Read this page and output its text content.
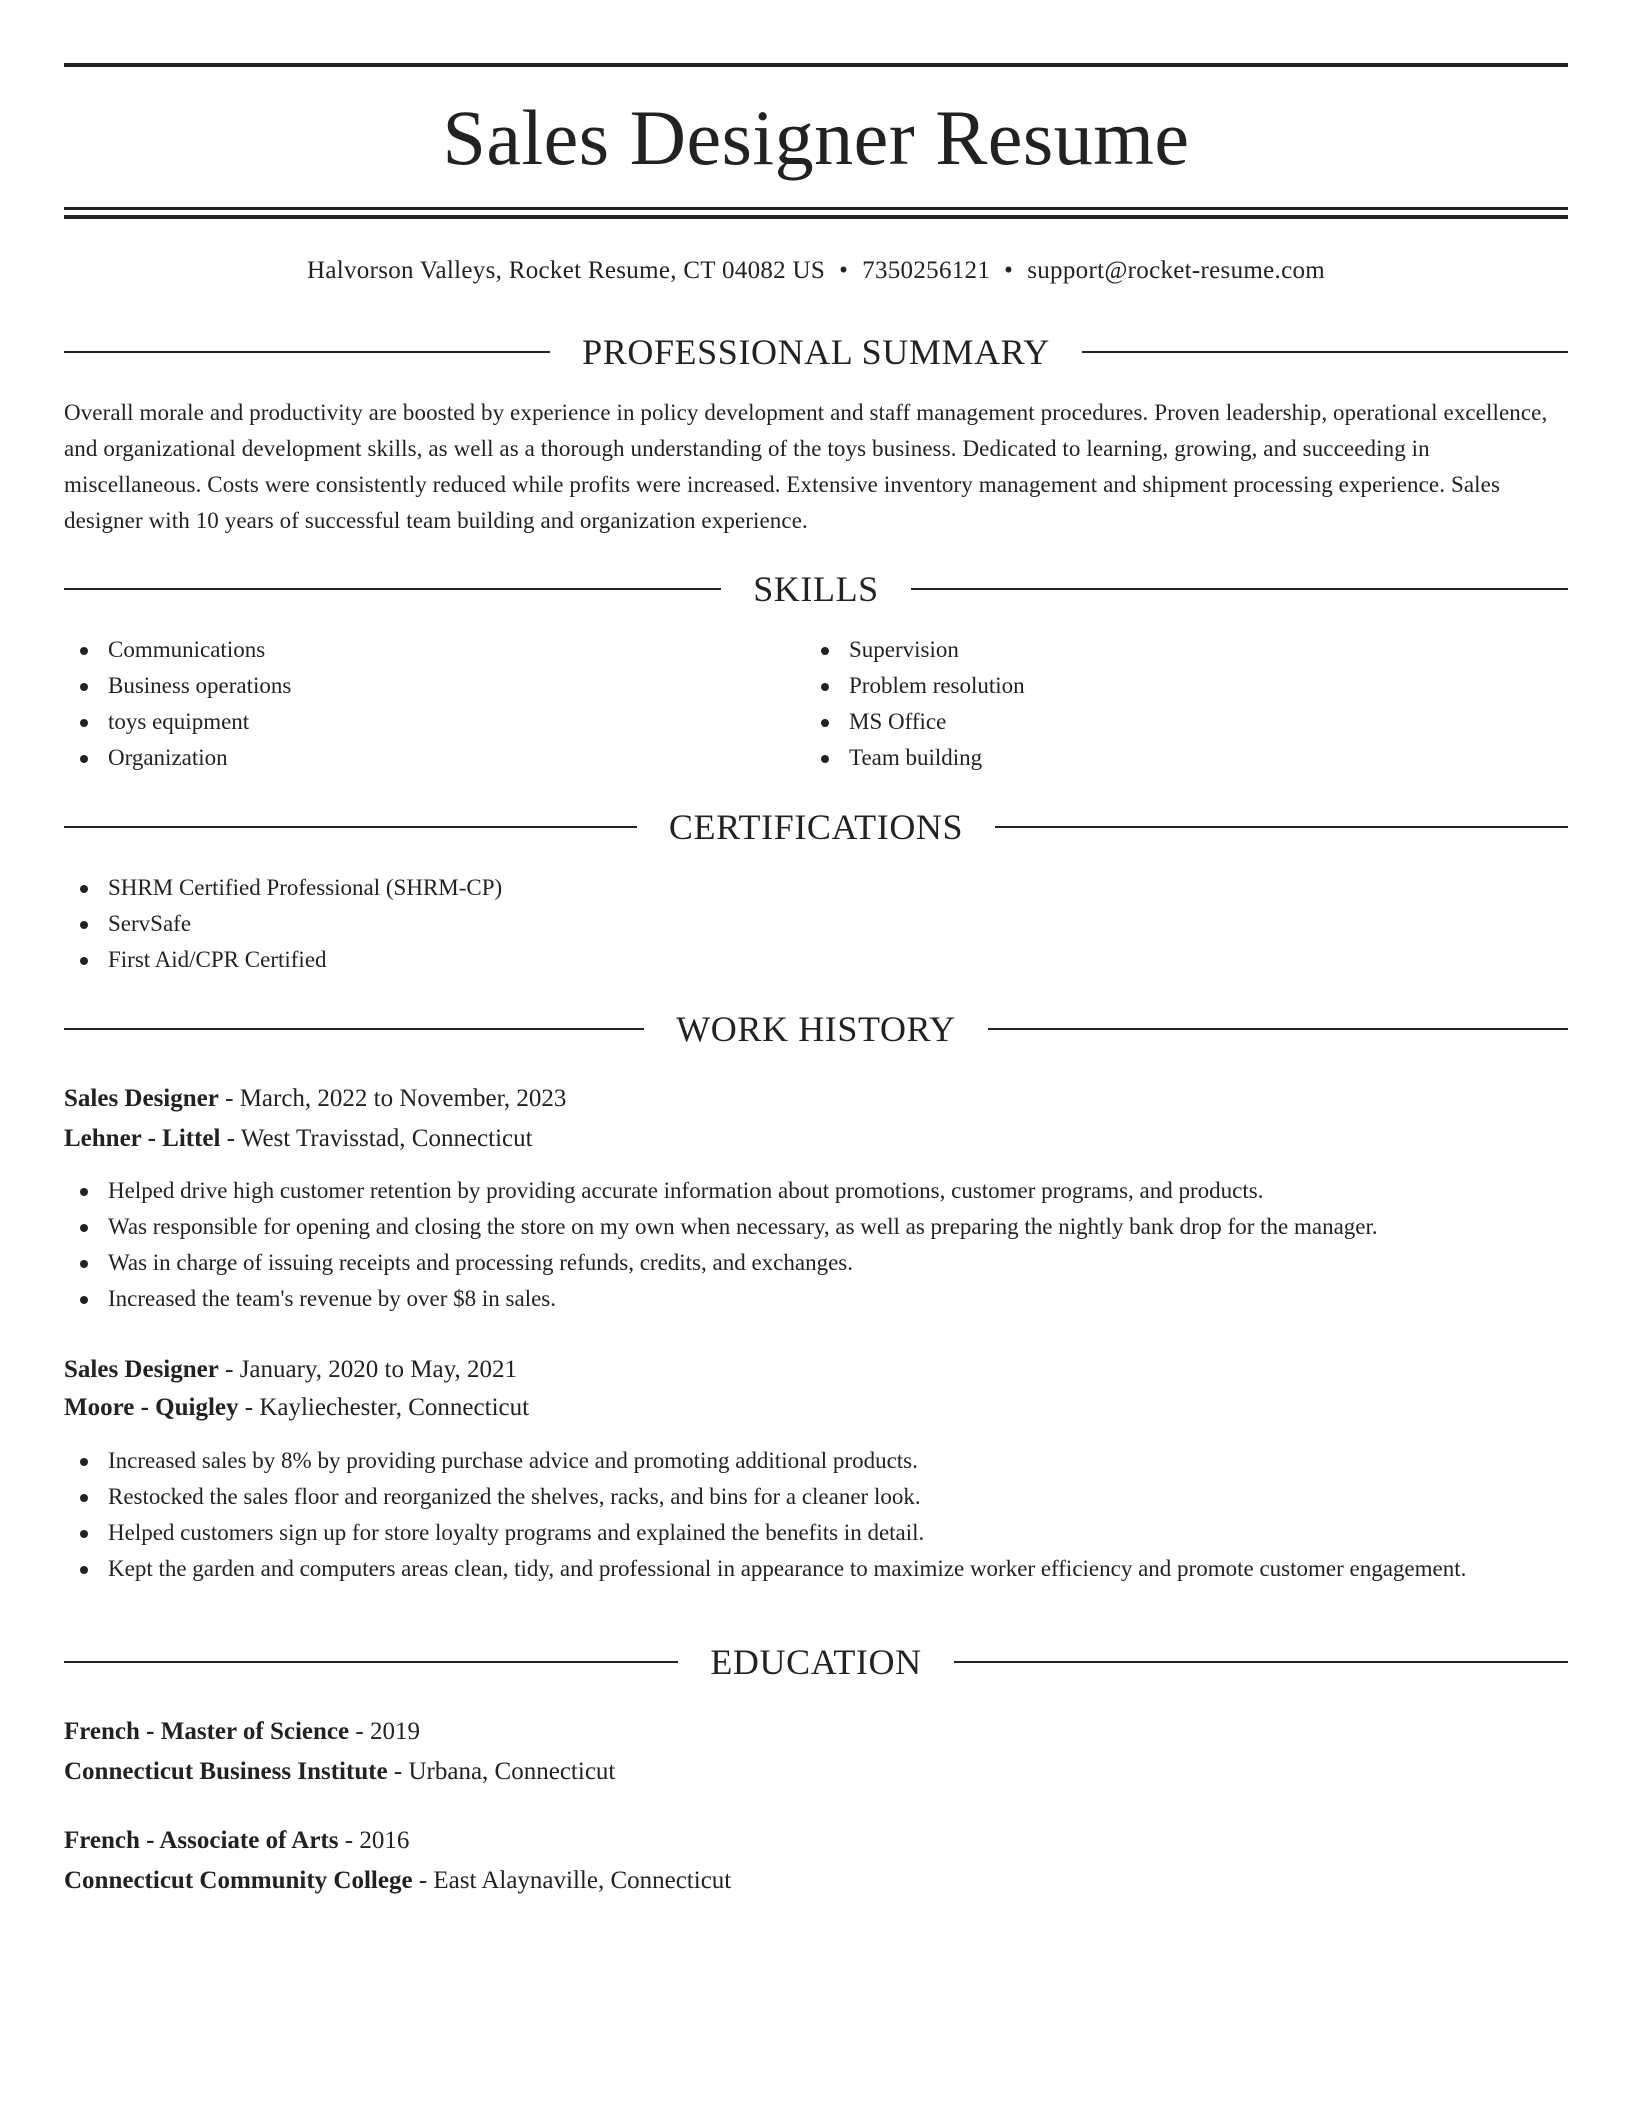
Sales Designer Resume
Halvorson Valleys, Rocket Resume, CT 04082 US • 7350256121 • support@rocket-resume.com
PROFESSIONAL SUMMARY
Overall morale and productivity are boosted by experience in policy development and staff management procedures. Proven leadership, operational excellence, and organizational development skills, as well as a thorough understanding of the toys business. Dedicated to learning, growing, and succeeding in miscellaneous. Costs were consistently reduced while profits were increased. Extensive inventory management and shipment processing experience. Sales designer with 10 years of successful team building and organization experience.
SKILLS
Communications
Business operations
toys equipment
Organization
Supervision
Problem resolution
MS Office
Team building
CERTIFICATIONS
SHRM Certified Professional (SHRM-CP)
ServSafe
First Aid/CPR Certified
WORK HISTORY
Sales Designer - March, 2022 to November, 2023
Lehner - Littel - West Travisstad, Connecticut
Helped drive high customer retention by providing accurate information about promotions, customer programs, and products.
Was responsible for opening and closing the store on my own when necessary, as well as preparing the nightly bank drop for the manager.
Was in charge of issuing receipts and processing refunds, credits, and exchanges.
Increased the team's revenue by over $8 in sales.
Sales Designer - January, 2020 to May, 2021
Moore - Quigley - Kayliechester, Connecticut
Increased sales by 8% by providing purchase advice and promoting additional products.
Restocked the sales floor and reorganized the shelves, racks, and bins for a cleaner look.
Helped customers sign up for store loyalty programs and explained the benefits in detail.
Kept the garden and computers areas clean, tidy, and professional in appearance to maximize worker efficiency and promote customer engagement.
EDUCATION
French - Master of Science - 2019
Connecticut Business Institute - Urbana, Connecticut
French - Associate of Arts - 2016
Connecticut Community College - East Alaynaville, Connecticut
